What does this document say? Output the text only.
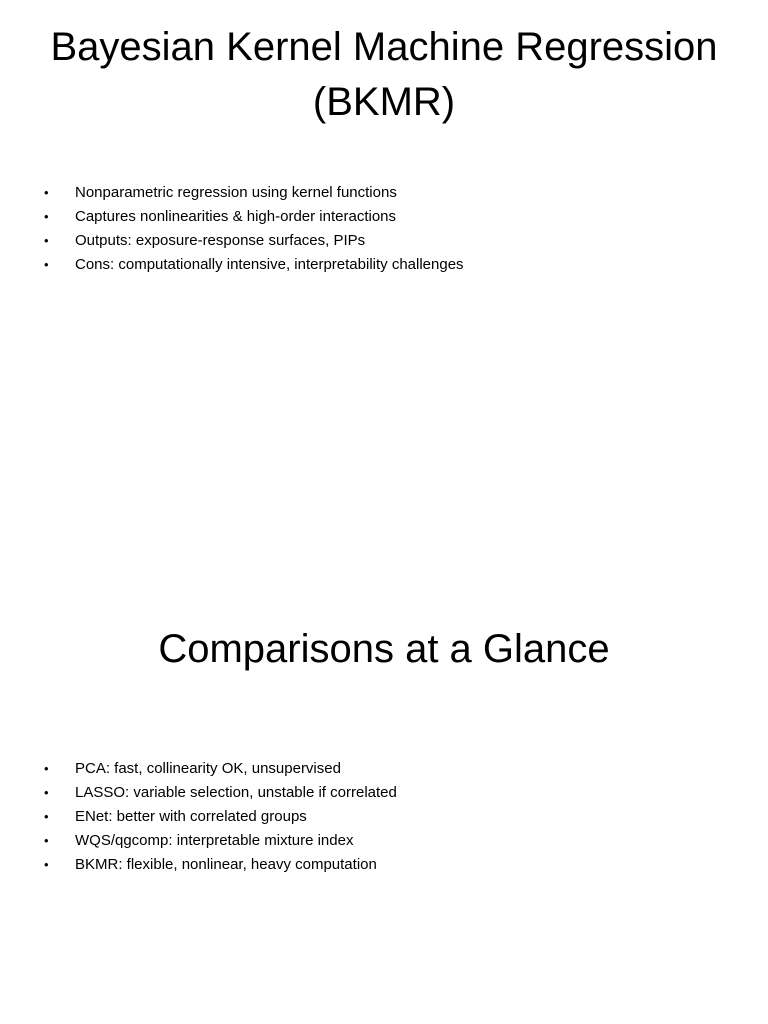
Bayesian Kernel Machine Regression (BKMR)
• Nonparametric regression using kernel functions
• Captures nonlinearities & high-order interactions
• Outputs: exposure-response surfaces, PIPs
• Cons: computationally intensive, interpretability challenges
Comparisons at a Glance
• PCA: fast, collinearity OK, unsupervised
• LASSO: variable selection, unstable if correlated
• ENet: better with correlated groups
• WQS/qgcomp: interpretable mixture index
• BKMR: flexible, nonlinear, heavy computation
